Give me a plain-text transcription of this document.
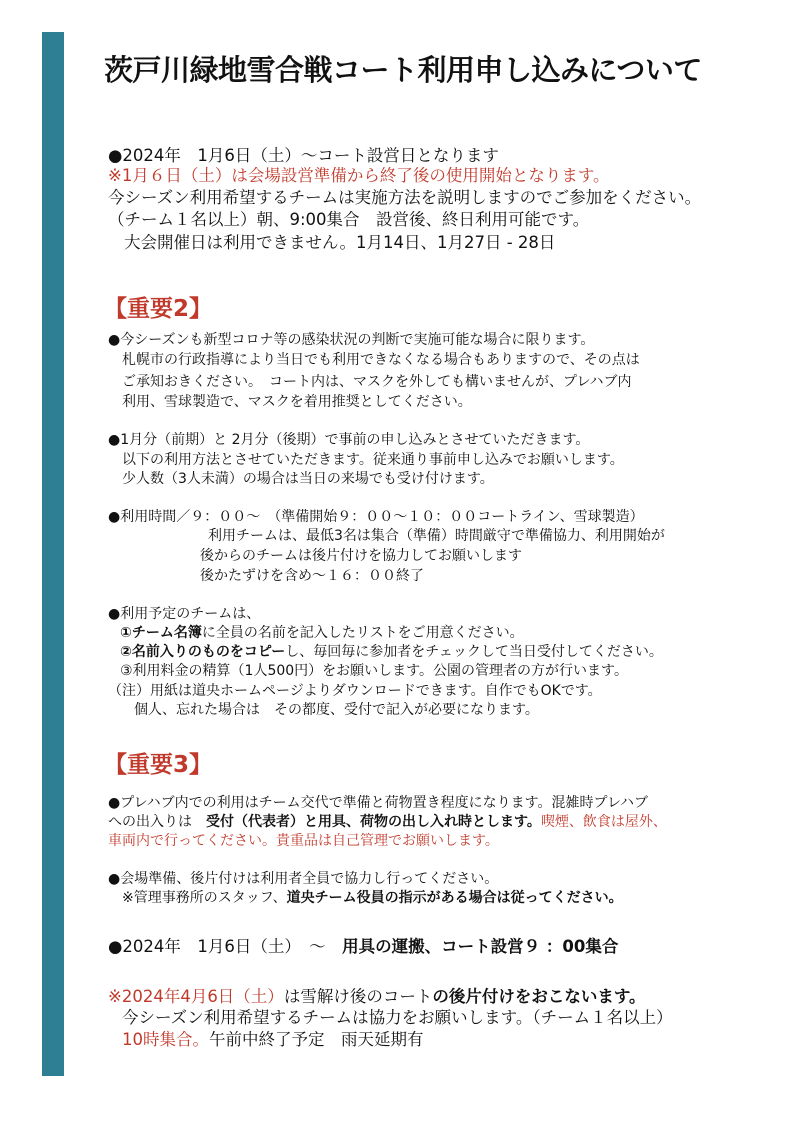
茨戸川緑地雪合戦コート利用申し込みについて
●2024年　1月6日（土）～コート設営日となります
※1月６日（土）は会場設営準備から終了後の使用開始となります。
今シーズン利用希望するチームは実施方法を説明しますのでご参加をください。
（チーム１名以上）朝、9:00集合　設営後、終日利用可能です。
大会開催日は利用できません。1月14日、1月27日 - 28日
【重要2】
●今シーズンも新型コロナ等の感染状況の判断で実施可能な場合に限ります。
札幌市の行政指導により当日でも利用できなくなる場合もありますので、その点は
ご承知おきください。　コート内は、マスクを外しても構いませんが、プレハブ内
利用、雪球製造で、マスクを着用推奨としてください。
●1月分（前期）と 2月分（後期）で事前の申し込みとさせていただきます。
以下の利用方法とさせていただきます。従来通り事前申し込みでお願いします。
少人数（3人未満）の場合は当日の来場でも受け付けます。
●利用時間／９：００～　（準備開始９：００～１０：００コートライン、雪球製造）
利用チームは、最低3名は集合（準備）時間厳守で準備協力、利用開始が
後からのチームは後片付けを協力してお願いします
後かたずけを含め～１６：００終了
●利用予定のチームは、
①チーム名簿に全員の名前を記入したリストをご用意ください。
②名前入りのものをコピーし、毎回毎に参加者をチェックして当日受付してください。
③利用料金の精算（1人500円）をお願いします。公園の管理者の方が行います。
（注）用紙は道央ホームページよりダウンロードできます。自作でもOKです。
個人、忘れた場合は　その都度、受付で記入が必要になります。
【重要3】
●プレハブ内での利用はチーム交代で準備と荷物置き程度になります。混雑時プレハブ
への出入りは　受付（代表者）と用具、荷物の出し入れ時とします。喫煙、飲食は屋外、
車両内で行ってください。貴重品は自己管理でお願いします。
●会場準備、後片付けは利用者全員で協力し行ってください。
※管理事務所のスタッフ、道央チーム役員の指示がある場合は従ってください。
●2024年　1月6日（土）　～　用具の運搬、コート設営９ ：00集合
※2024年4月6日（土）は雪解け後のコートの後片付けをおこないます。
今シーズン利用希望するチームは協力をお願いします。（チーム１名以上）
10時集合。午前中終了予定　雨天延期有
